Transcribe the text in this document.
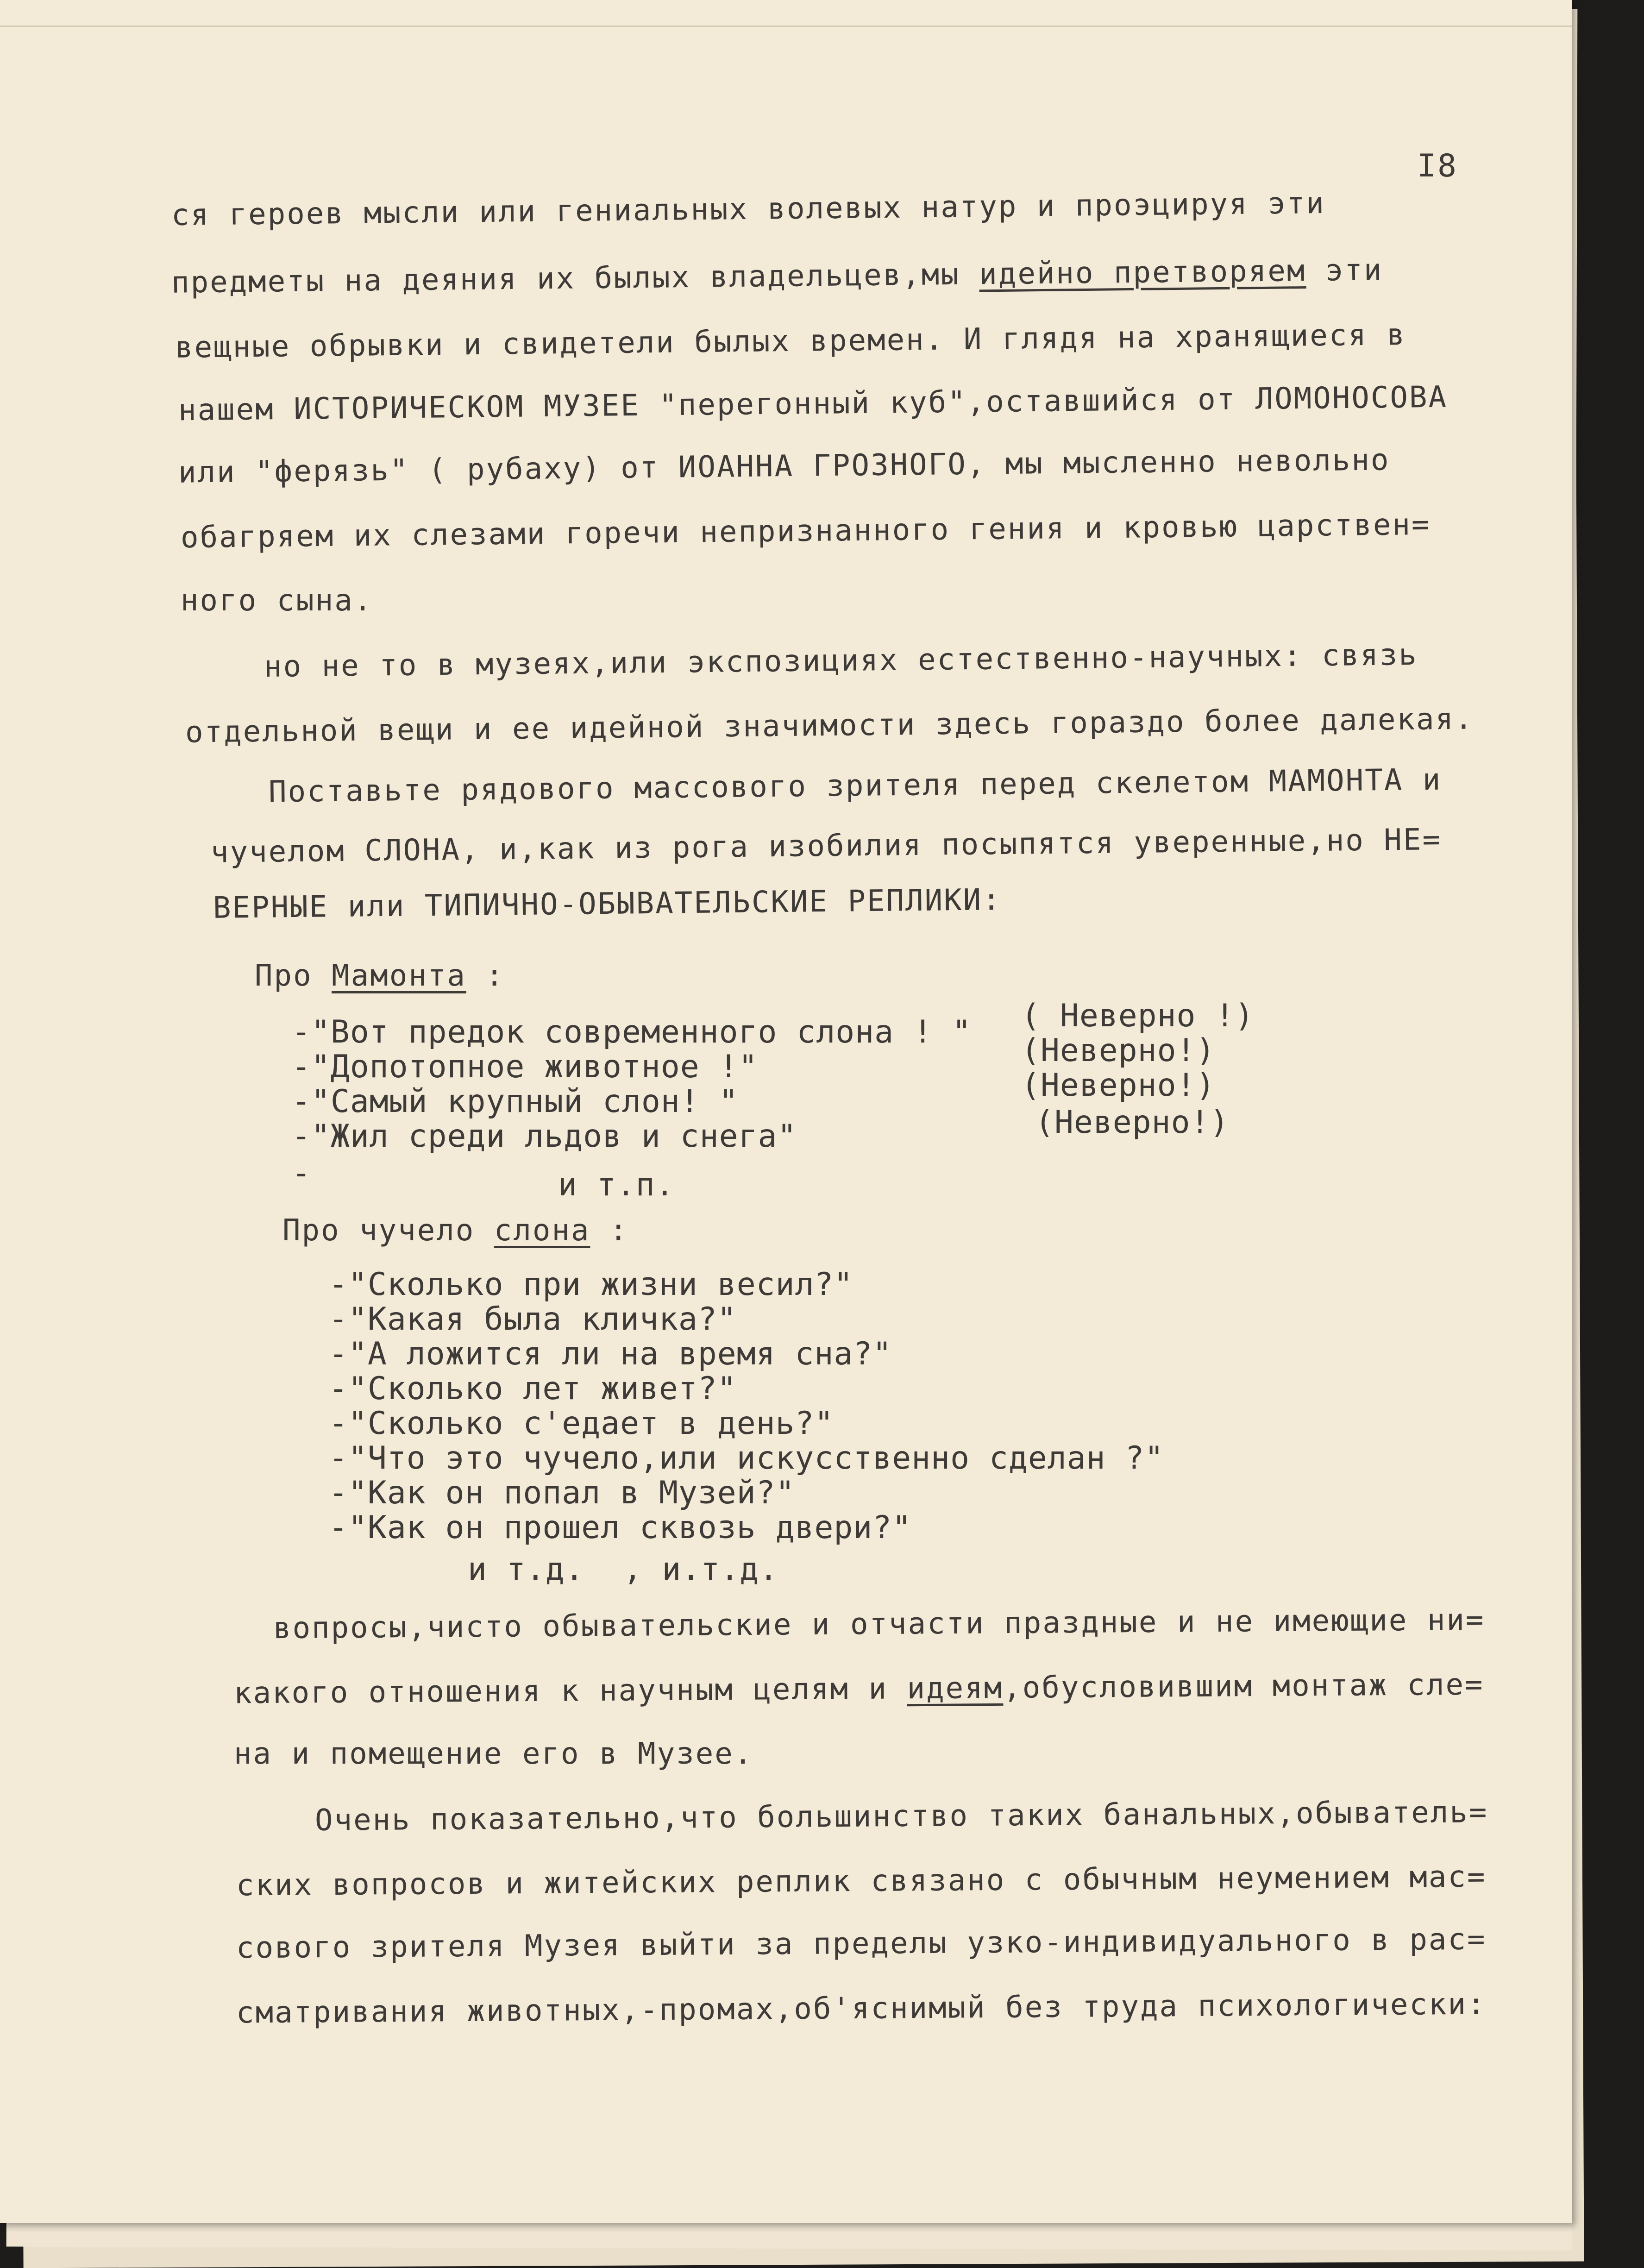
I8
ся героев мысли или гениальных волевых натур и проэцируя эти
предметы на деяния их былых владельцев,мы идейно претворяем эти
вещные обрывки и свидетели былых времен. И глядя на хранящиеся в
нашем ИСТОРИЧЕСКОМ МУЗЕЕ "перегонный куб",оставшийся от ЛОМОНОСОВА
или "ферязь" ( рубаху) от ИОАННА ГРОЗНОГО, мы мысленно невольно
обагряем их слезами горечи непризнанного гения и кровью царствен=
ного сына.
но не то в музеях,или экспозициях естественно-научных: связь
отдельной вещи и ее идейной значимости здесь гораздо более далекая.
Поставьте рядового массового зрителя перед скелетом МАМОНТА и
чучелом СЛОНА, и,как из рога изобилия посыпятся уверенные,но НЕ=
ВЕРНЫЕ или ТИПИЧНО-ОБЫВАТЕЛЬСКИЕ РЕПЛИКИ:
Про Мамонта :
-"Вот предок современного слона ! "
-"Допотопное животное !"
-"Самый крупный слон! "
-"Жил среди льдов и снега"
-
( Неверно !)
(Неверно!)
(Неверно!)
(Неверно!)
и т.п.
Про чучело слона :
-"Сколько при жизни весил?"
-"Какая была кличка?"
-"А ложится ли на время сна?"
-"Сколько лет живет?"
-"Сколько с'едает в день?"
-"Что это чучело,или искусственно сделан ?"
-"Как он попал в Музей?"
-"Как он прошел сквозь двери?"
и т.д.  , и.т.д.
вопросы,чисто обывательские и отчасти праздные и не имеющие ни=
какого отношения к научным целям и идеям,обусловившим монтаж сле=
на и помещение его в Музее.
Очень показательно,что большинство таких банальных,обыватель=
ских вопросов и житейских реплик связано с обычным неумением мас=
сового зрителя Музея выйти за пределы узко-индивидуального в рас=
сматривания животных,-промах,об'яснимый без труда психологически:
